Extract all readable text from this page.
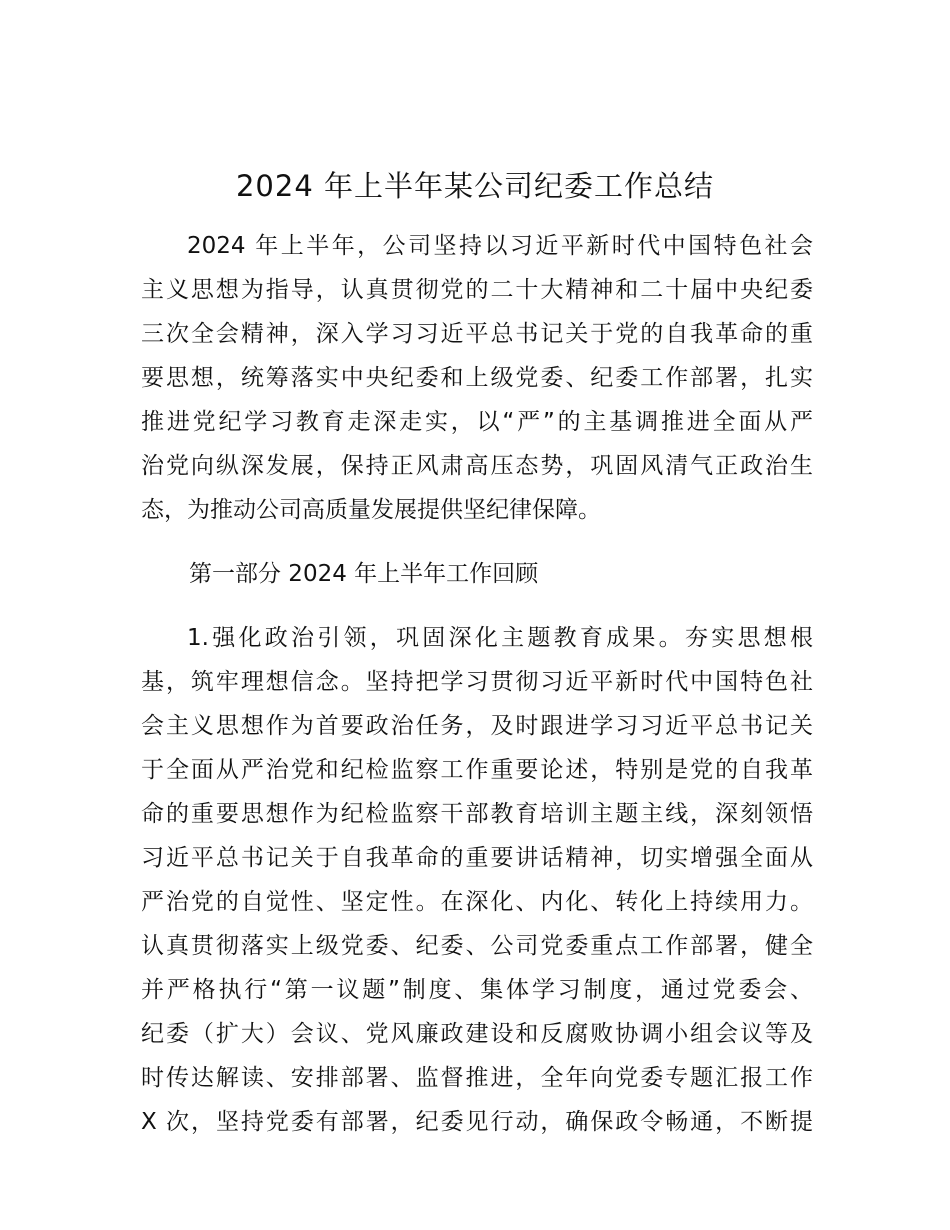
2024 年上半年某公司纪委工作总结
2024 年上半年，公司坚持以习近平新时代中国特色社会
主义思想为指导，认真贯彻党的二十大精神和二十届中央纪委
三次全会精神，深入学习习近平总书记关于党的自我革命的重
要思想，统筹落实中央纪委和上级党委、纪委工作部署，扎实
推进党纪学习教育走深走实，以“严”的主基调推进全面从严
治党向纵深发展，保持正风肃高压态势，巩固风清气正政治生
态，为推动公司高质量发展提供坚纪律保障。
第一部分 2024 年上半年工作回顾
1.强化政治引领，巩固深化主题教育成果。夯实思想根
基，筑牢理想信念。坚持把学习贯彻习近平新时代中国特色社
会主义思想作为首要政治任务，及时跟进学习习近平总书记关
于全面从严治党和纪检监察工作重要论述，特别是党的自我革
命的重要思想作为纪检监察干部教育培训主题主线，深刻领悟
习近平总书记关于自我革命的重要讲话精神，切实增强全面从
严治党的自觉性、坚定性。在深化、内化、转化上持续用力。
认真贯彻落实上级党委、纪委、公司党委重点工作部署，健全
并严格执行“第一议题”制度、集体学习制度，通过党委会、
纪委（扩大）会议、党风廉政建设和反腐败协调小组会议等及
时传达解读、安排部署、监督推进，全年向党委专题汇报工作
X 次，坚持党委有部署，纪委见行动，确保政令畅通，不断提
